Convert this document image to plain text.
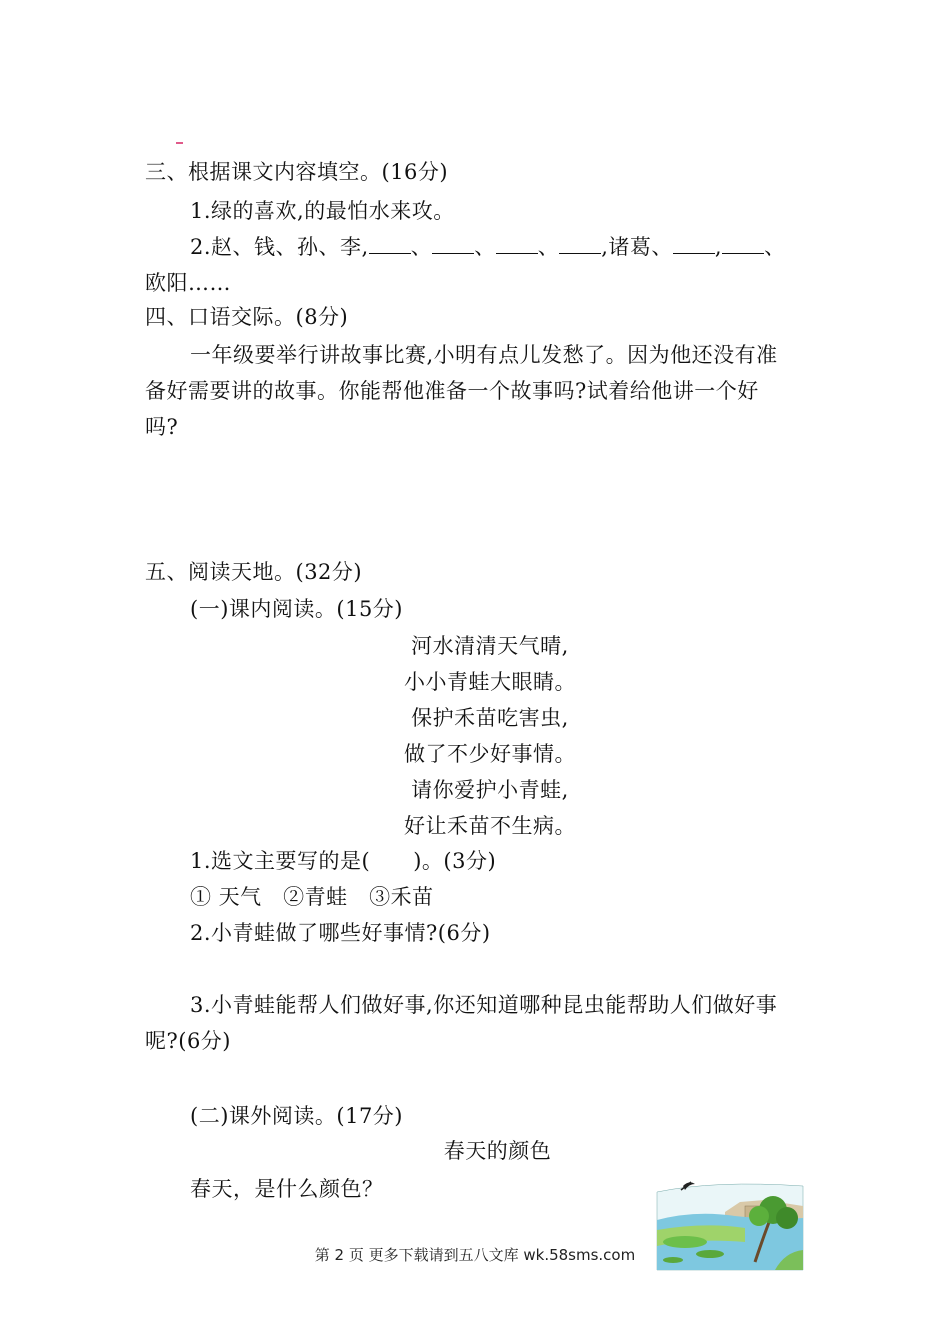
三、根据课文内容填空。(16分)
1.绿的喜欢,的最怕水来攻。
2.赵、钱、孙、李, 、 、 、 ,诸葛、 , 、
欧阳……
四、口语交际。(8分)
一年级要举行讲故事比赛,小明有点儿发愁了。因为他还没有准
备好需要讲的故事。你能帮他准备一个故事吗?试着给他讲一个好
吗?
五、阅读天地。(32分)
(一)课内阅读。(15分)
河水清清天气晴,
小小青蛙大眼睛。
保护禾苗吃害虫,
做了不少好事情。
请你爱护小青蛙,
好让禾苗不生病。
1.选文主要写的是(　　)。(3分)
① 天气　②青蛙　③禾苗
2.小青蛙做了哪些好事情?(6分)
3.小青蛙能帮人们做好事,你还知道哪种昆虫能帮助人们做好事
呢?(6分)
(二)课外阅读。(17分)
春天的颜色
春天，是什么颜色？
第 2 页 更多下载请到五八文库 wk.58sms.com
